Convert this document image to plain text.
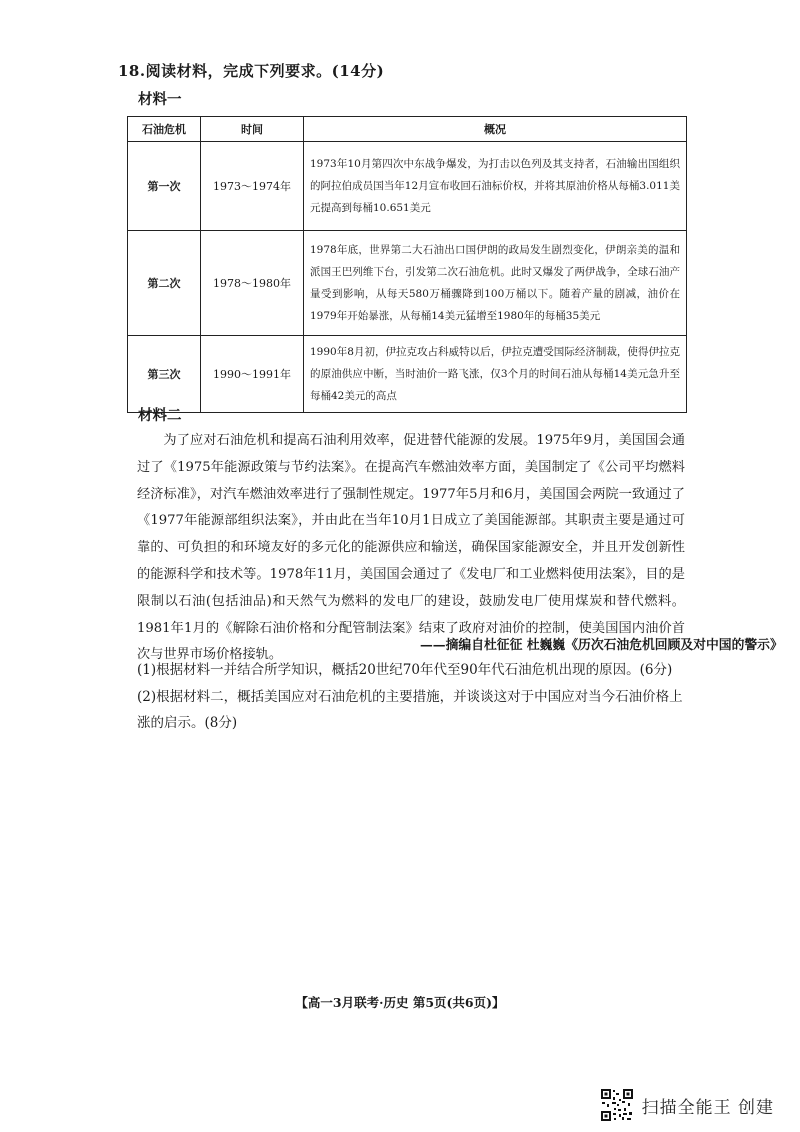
18.阅读材料，完成下列要求。(14分)
材料一
石油危机	时间	概况
第一次	1973～1974年	1973年10月第四次中东战争爆发，为打击以色列及其支持者，石油输出国组织的阿拉伯成员国当年12月宣布收回石油标价权，并将其原油价格从每桶3.011美元提高到每桶10.651美元
第二次	1978～1980年	1978年底，世界第二大石油出口国伊朗的政局发生剧烈变化，伊朗亲美的温和派国王巴列维下台，引发第二次石油危机。此时又爆发了两伊战争，全球石油产量受到影响，从每天580万桶骤降到100万桶以下。随着产量的剧减，油价在1979年开始暴涨，从每桶14美元猛增至1980年的每桶35美元
第三次	1990～1991年	1990年8月初，伊拉克攻占科威特以后，伊拉克遭受国际经济制裁，使得伊拉克的原油供应中断，当时油价一路飞涨，仅3个月的时间石油从每桶14美元急升至每桶42美元的高点
材料二
为了应对石油危机和提高石油利用效率，促进替代能源的发展。1975年9月，美国国会通过了《1975年能源政策与节约法案》。在提高汽车燃油效率方面，美国制定了《公司平均燃料经济标准》，对汽车燃油效率进行了强制性规定。1977年5月和6月，美国国会两院一致通过了《1977年能源部组织法案》，并由此在当年10月1日成立了美国能源部。其职责主要是通过可靠的、可负担的和环境友好的多元化的能源供应和输送，确保国家能源安全，并且开发创新性的能源科学和技术等。1978年11月，美国国会通过了《发电厂和工业燃料使用法案》，目的是限制以石油(包括油品)和天然气为燃料的发电厂的建设，鼓励发电厂使用煤炭和替代燃料。1981年1月的《解除石油价格和分配管制法案》结束了政府对油价的控制，使美国国内油价首次与世界市场价格接轨。
——摘编自杜征征 杜巍巍《历次石油危机回顾及对中国的警示》
(1)根据材料一并结合所学知识，概括20世纪70年代至90年代石油危机出现的原因。(6分)
(2)根据材料二，概括美国应对石油危机的主要措施，并谈谈这对于中国应对当今石油价格上涨的启示。(8分)
【高一3月联考·历史 第5页(共6页)】
扫描全能王 创建
